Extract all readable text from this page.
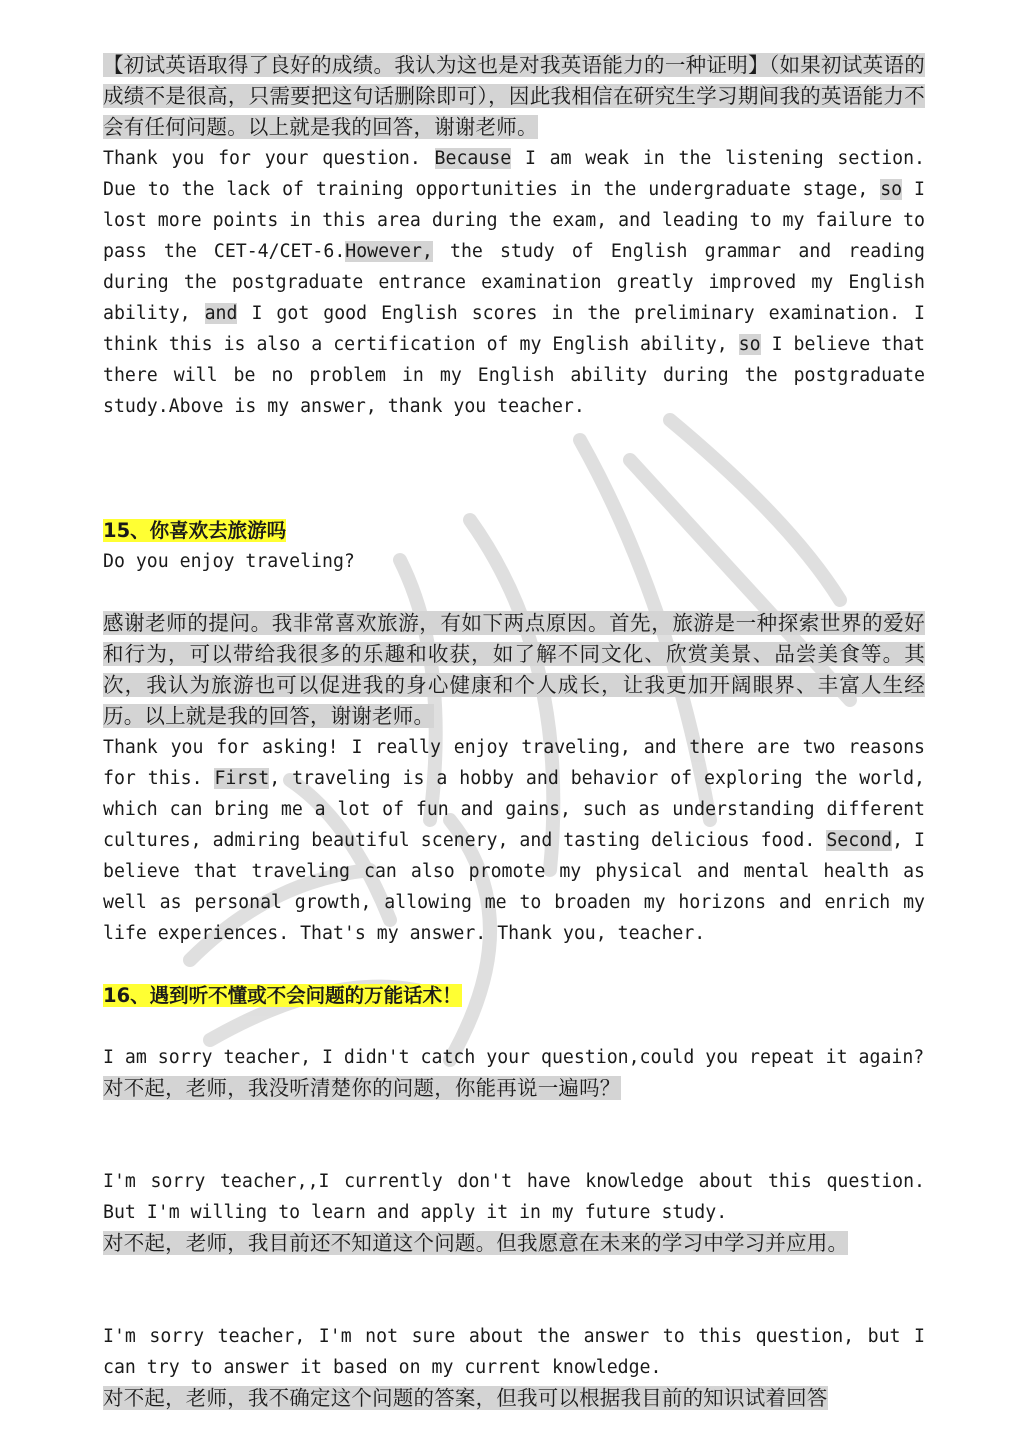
【初试英语取得了良好的成绩。我认为这也是对我英语能力的一种证明】（如果初试英语的成绩不是很高，只需要把这句话删除即可），因此我相信在研究生学习期间我的英语能力不会有任何问题。以上就是我的回答，谢谢老师。

Thank you for your question. Because I am weak in the listening section. Due to the lack of training opportunities in the undergraduate stage, so I lost more points in this area during the exam, and leading to my failure to pass the CET-4/CET-6.However, the study of English grammar and reading during the postgraduate entrance examination greatly improved my English ability, and I got good English scores in the preliminary examination. I think this is also a certification of my English ability, so I believe that there will be no problem in my English ability during the postgraduate study.Above is my answer, thank you teacher.

15、你喜欢去旅游吗

Do you enjoy traveling?

感谢老师的提问。我非常喜欢旅游，有如下两点原因。首先，旅游是一种探索世界的爱好和行为，可以带给我很多的乐趣和收获，如了解不同文化、欣赏美景、品尝美食等。其次，我认为旅游也可以促进我的身心健康和个人成长，让我更加开阔眼界、丰富人生经历。以上就是我的回答，谢谢老师。

Thank you for asking! I really enjoy traveling, and there are two reasons for this. First, traveling is a hobby and behavior of exploring the world, which can bring me a lot of fun and gains, such as understanding different cultures, admiring beautiful scenery, and tasting delicious food. Second, I believe that traveling can also promote my physical and mental health as well as personal growth, allowing me to broaden my horizons and enrich my life experiences. That's my answer. Thank you, teacher.

16、遇到听不懂或不会问题的万能话术！

I am sorry teacher, I didn't catch your question,could you repeat it again?

对不起，老师，我没听清楚你的问题，你能再说一遍吗？

I'm sorry teacher,,I currently don't have knowledge about this question. But I'm willing to learn and apply it in my future study.

对不起，老师，我目前还不知道这个问题。但我愿意在未来的学习中学习并应用。

I'm sorry teacher, I'm not sure about the answer to this question, but I can try to answer it based on my current knowledge.

对不起，老师，我不确定这个问题的答案，但我可以根据我目前的知识试着回答
